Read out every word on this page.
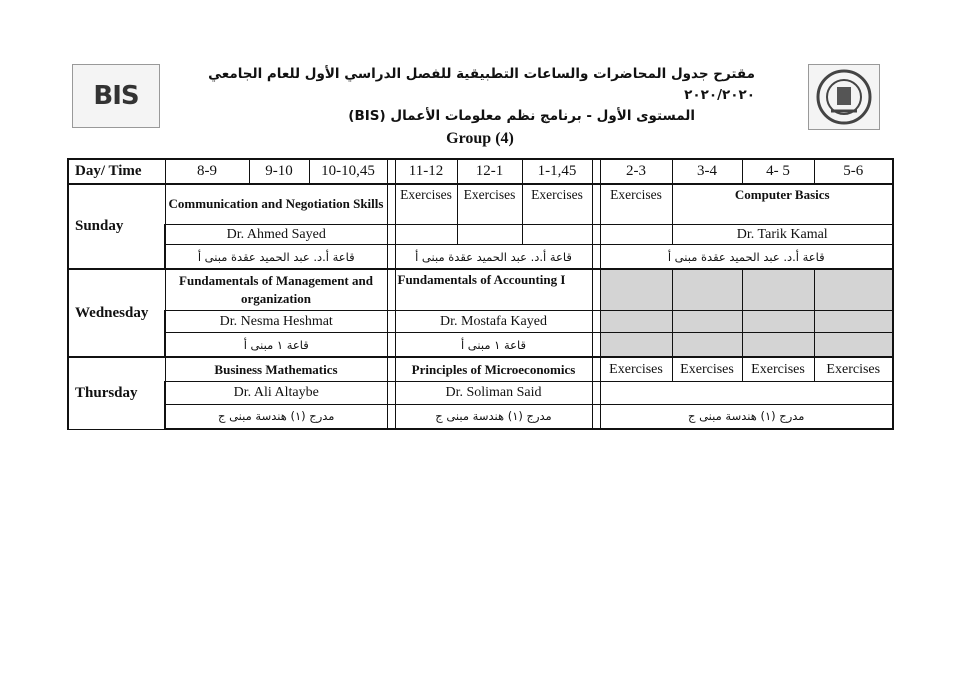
BIS
مقترح جدول المحاضرات والساعات التطبيقية للفصل الدراسي الأول للعام الجامعي ٢٠٢٠/٢٠٢٠
المستوى الأول - برنامج نظم معلومات الأعمال (BIS)
Group (4)
Day/ Time	8-9	9-10	10-10,45		11-12	12-1	1-1,45		2-3	3-4	4- 5	5-6
Sunday	Communication and Negotiation Skills				Exercises	Exercises	Exercises		Exercises	Computer Basics		
	Dr. Ahmed Sayed									Dr. Tarik Kamal		
	قاعة أ.د. عبد الحميد عقدة مبنى أ				قاعة أ.د. عبد الحميد عقدة مبنى أ				قاعة أ.د. عبد الحميد عقدة مبنى أ			
Wednesday	Fundamentals of Management and organization				Fundamentals of Accounting I							
	Dr. Nesma Heshmat				Dr. Mostafa Kayed							
	قاعة ١ مبنى أ				قاعة ١ مبنى أ							
Thursday	Business Mathematics				Principles of Microeconomics				Exercises	Exercises	Exercises	Exercises
	Dr. Ali Altaybe				Dr. Soliman Said							
	مدرج (١) هندسة مبنى ج				مدرج (١) هندسة مبنى ج				مدرج (١) هندسة مبنى ج			
